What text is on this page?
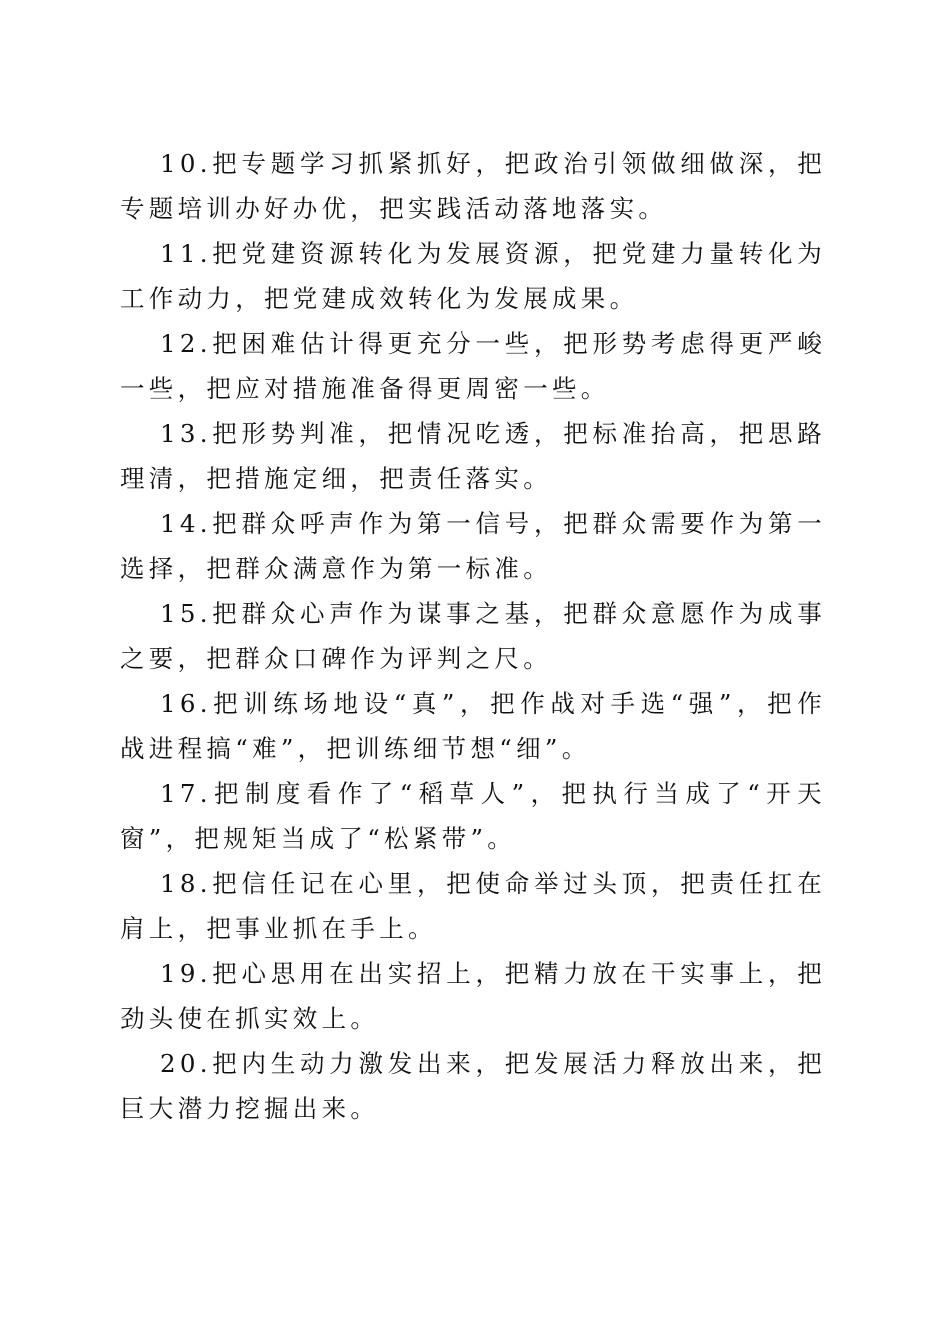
10.把专题学习抓紧抓好，把政治引领做细做深，把专题培训办好办优，把实践活动落地落实。

11.把党建资源转化为发展资源，把党建力量转化为工作动力，把党建成效转化为发展成果。

12.把困难估计得更充分一些，把形势考虑得更严峻一些，把应对措施准备得更周密一些。

13.把形势判准，把情况吃透，把标准抬高，把思路理清，把措施定细，把责任落实。

14.把群众呼声作为第一信号，把群众需要作为第一选择，把群众满意作为第一标准。

15.把群众心声作为谋事之基，把群众意愿作为成事之要，把群众口碑作为评判之尺。

16.把训练场地设“真”，把作战对手选“强”，把作战进程搞“难”，把训练细节想“细”。

17.把制度看作了“稻草人”，把执行当成了“开天窗”，把规矩当成了“松紧带”。

18.把信任记在心里，把使命举过头顶，把责任扛在肩上，把事业抓在手上。

19.把心思用在出实招上，把精力放在干实事上，把劲头使在抓实效上。

20.把内生动力激发出来，把发展活力释放出来，把巨大潜力挖掘出来。
